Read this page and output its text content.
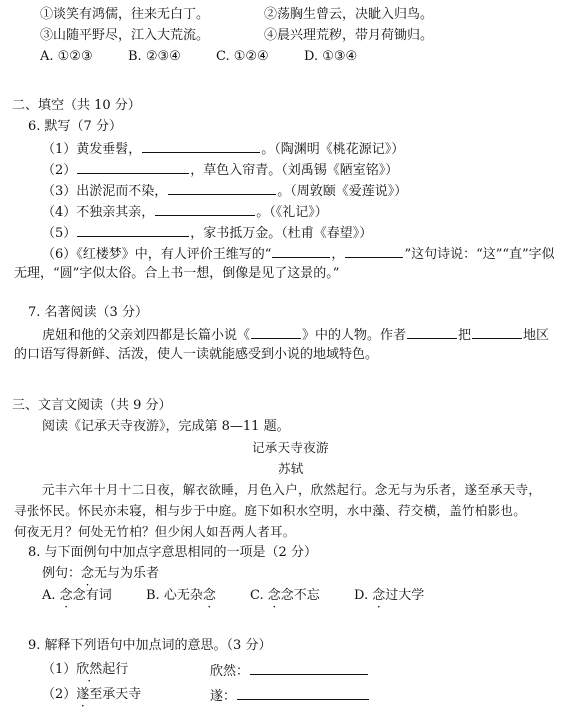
①谈笑有鸿儒，往来无白丁。	②荡胸生曾云，决眦入归鸟。
③山随平野尽，江入大荒流。	④晨兴理荒秽，带月荷锄归。
A. ①②③	B. ②③④	C. ①②④	D. ①③④
二、填空（共 10 分）
6. 默写（7 分）
（1）黄发垂髫，	。（陶渊明《桃花源记》）
（2）	，草色入帘青。（刘禹锡《陋室铭》）
（3）出淤泥而不染，	。（周敦颐《爱莲说》）
（4）不独亲其亲，	。（《礼记》）
（5）	，家书抵万金。（杜甫《春望》）
（6）《红楼梦》中，有人评价王维写的“	，	”这句诗说：“这”“直”字似
无理，“圆”字似太俗。合上书一想，倒像是见了这景的。”
7. 名著阅读（3 分）
虎妞和他的父亲刘四都是长篇小说《	》中的人物。作者	把	地区
的口语写得新鲜、活泼，使人一读就能感受到小说的地域特色。
三、文言文阅读（共 9 分）
阅读《记承天寺夜游》，完成第 8—11 题。
记承天寺夜游
苏轼
元丰六年十月十二日夜，解衣欲睡，月色入户，欣然起行。念无与为乐者，遂至承天寺，
寻张怀民。怀民亦未寝，相与步于中庭。庭下如积水空明，水中藻、荇交横，盖竹柏影也。
何夜无月？何处无竹柏？但少闲人如吾两人者耳。
8. 与下面例句中加点字意思相同的一项是（2 分）
例句：念无与为乐者
A. 念念有词	B. 心无杂念	C. 念念不忘	D. 念过大学
9. 解释下列语句中加点词的意思。（3 分）
（1）欣然起行	欣然：
（2）遂至承天寺	遂：
